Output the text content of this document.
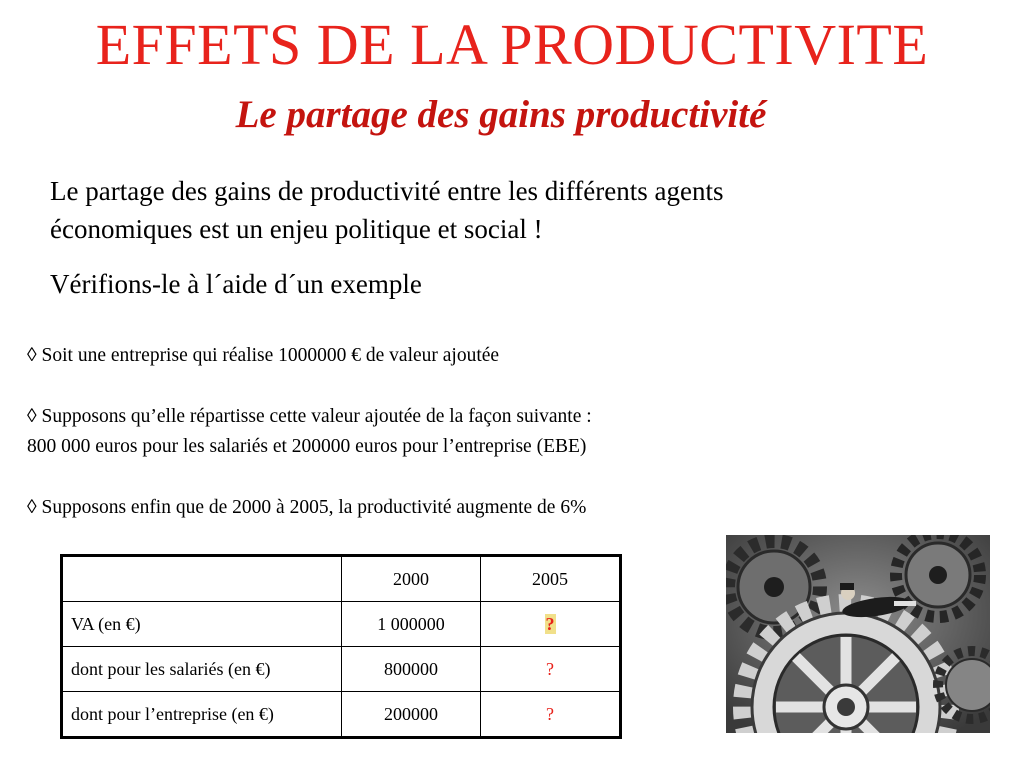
EFFETS DE LA PRODUCTIVITE
Le partage des gains productivité
Le partage des gains de productivité entre les différents agents
économiques est un enjeu politique et social !
Vérifions-le à l´aide d´un exemple
◊ Soit une entreprise qui réalise 1000000 € de valeur ajoutée
◊ Supposons qu’elle répartisse cette valeur ajoutée de la façon suivante :
800 000 euros pour les salariés et 200000 euros pour l’entreprise (EBE)
◊ Supposons enfin que de 2000 à 2005, la productivité augmente de 6%
	2000	2005
VA (en €)	1 000000	?
dont pour les salariés (en €)	800000	?
dont pour l’entreprise (en €)	200000	?
